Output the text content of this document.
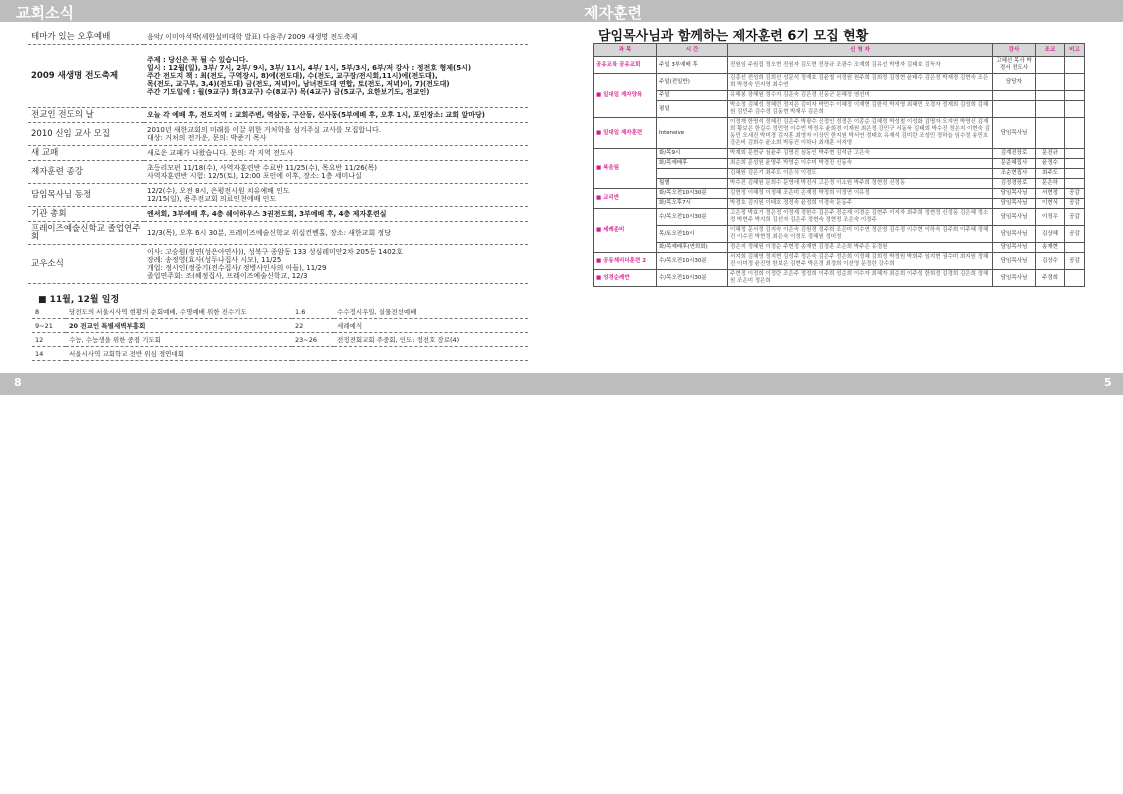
교회소식	제자훈련
8	5
테마가 있는 오후예배	음악/ 이미아석박(세한설비대학 발표) 다음주/ 2009 새생명 전도축제
2009 새생명 전도축제	주제 : 당신은 꼭 될 수 있습니다.
일시 : 12월(일), 3부/ 7시, 2부/ 9시, 3부/ 11시, 4부/ 1시, 5부/3시, 6부/저 강사 : 정전호 형제(5시)
주간 전도지 책 : 최(전도, 구역장시, 8)에(전도대), 수(전도, 교구장/전시회,11시)에(전도대),
목(전도, 교구부, 3,4)(전도대) 금(전도, 저녁)이, 남녀전도대 연합, 토(전도, 저녁)이, 7)(전도대)
주간 기도일에 : 월(9교구) 화(3교구) 수(8교구) 목(4교구) 금(5교구, 요한보기도, 전교인)
전교인 전도의 날	오늘 각 예배 후, 전도지역 : 교회주변, 역삼동, 구산동, 신사동(5부예배 후, 오후 1시, 포인장소: 교회 앞마당)
2010 신임 교사 모집	2010년 새한교회의 미래를 이끌 위한 거처학을 섬겨주실 교사를 모집합니다.
대상: 거처의 전가운, 문의: 박준기 목사
새 교패	새로운 교패가 나왔습니다. 문의: 각 지역 전도사
제자훈련 종강	초등리모펀 11/18(수), 사역자훈련반 수료반 11/25(수), 목요반 11/26(목)
사역자훈련반 시험: 12/5(토), 12:00 포인에 이후, 장소: 1층 세미나실
담임목사님 동정	12/2(수), 오전 8시, 은평전시원 치유예배 인도
12/15(일), 용주전교회 의료인천에배 인도
기관 총회	엔셔회, 3부예배 후, 4층 쉐이하우스 3권전도회, 3부예배 후, 4층 제자훈련실
프레이즈예술신학교 졸업연주회	12/3(목), 오후 6시 30분, 프레이즈예술신학교 위십컨벤홀, 장소: 새한교회 정당
교우소식	이사: 고승원(정연(성은아연사)), 성북구 종암동 133 성심레미안2차 205동 1402호
장례: 송정영(효사(성두나집사 시모), 11/25
개업: 정시인(정중기(전수집사/ 정병사인사의 아들), 11/29
졸업연주회: 조(혜정집사, 프레이즈예술신학교, 12/3
■ 11월, 12월 일정
8	당전도의 서울시사역 현황의 순회예배, 수명예배 위한 진수기도	1.6	수수정시우일, 실물전선예배
9~21	20 전교인 특별새벽부흥회	22	세례예식
12	수능, 수능생을 위한 중점 기도회	23~26	전정전회교회 주중회, 인도: 정전호 장로(4)
14	서울시사역 교회학교 전반 위심 경연대회		
담임목사님과 함께하는 제자훈련 6기 모집 현황
과 목	시 간	신 청 자	강사	조교	비고
공유교육 공유교회	주일 3부예배 후	전원임 주원집 정오현 전원자 김도현 전장규 조광수 조재희 김유선 박명자 김태호 김득자	고혜선 목사 박경서 전도사		
■ 일대일 제자양육	주일(전일반)	김종선 전성희 김희선 성문석 정재호 김윤철 서정원 원주희 김희정 김정현 윤태수 김은정 박재경 김현숙 조은희 박정숙 민지영 최수연	담당자		
	주일	유해봉 장혜원 정수지 김운숙 김은경 신동군 문혜정 염선미			
	평일	박소정 김혜성 정혜련 정지은 김미자 박민수 이혜정 이재현 김한석 박지영 최혜민 오경자 정재희 김성희 김혜원 김민주 김수경 김동현 박재우 김은희			
■ 일대일 제자훈련	Intensive	이정재 한명석 정혜진 김은주 박광수 신정인 정정은 이종순 김혜정 박성철 이성화 김명자 오지연 박영신 김재희 황보은 한길수 정민영 이수빈 박정우 윤희경 이재원 최은정 강민구 서동욱 김태희 박수진 정은지 이현숙 김동민 오세진 박미경 김지훈 최영자 이상민 한지원 박서연 정태호 유재석 김미란 조성민 정하늘 임수정 송민호 강은비 김희수 윤소희 박동진 이하나 최재훈 서지영	담임목사님		
■ 복음팀	화/목9시	박계희 문현규 심윤주 김명진 심동인 박주현 김석균 고은숙	김계진장로	문진규	
	화/목예배후	최순희 문성원 윤명주 박영순 이수미 박경진 신동숙	문준혜집사	윤정수	
		김혜원 김은기 최주도 이은식 이정도	조순현집사	최주도	
	월별	박수진 김혜원 문희수 문영애 박진서 고은정 이소원 박주희 정현정 신정동	김정경장로	문은하	
■ 교리반	화/목오전10시30분	김현정 이혜정 이정혜 조은미 손재정 박정희 이정연 이유정	담임목사님	서현정	공감
	화/목오후7시	박경호 김지원 이태호 정정숙 윤정희 이경숙 문동주	담임목사님	이현식	공감
■ 세례준비	수/목오전10시30분	고은정 박효기 정은정 이정재 정한수 김은주 정순재 이경순 김현주 이지자 최주희 정현정 신정동 김은혜 정소정 박현주 박지희 김선자 김은주 정현숙 정현정 조은숙 이정주	담임목사님	이정우	공감
	목/토오전10시	이혜정 문서정 김지숙 이은숙 김원정 정주희 조은미 이수연 정은영 김수경 이수현 이하숙 김주희 이주혜 정혜진 이수진 박현정 최은숙 이정도 정혜원 정미정	담임목사님	김상혜	공감
	화/목예배후(연희회)	정은지 정혜원 이정순 주현정 송재현 김정훈 조은희 박주은 유경원	담임목사님	송재현	
■ 공동체리더훈련 2	수/목오전10시30분	서지희 김혜영 정지현 김성주 정은숙 김은주 정은희 이정혜 김희정 박정원 박희주 임지현 권수미 최지원 정혜진 이미정 윤진영 한보은 김현주 박은경 최정희 이선영 문정란 강수희	담임목사님	김상수	공감
■ 성경순례반	수/목오전10시30분	주현정 이정희 이정란 조은주 정정희 이주희 성순희 이수자 최혜자 최순희 이주성 한희정 김경희 김은희 정혜원 조은미 정은희	담임목사님	주정희	
